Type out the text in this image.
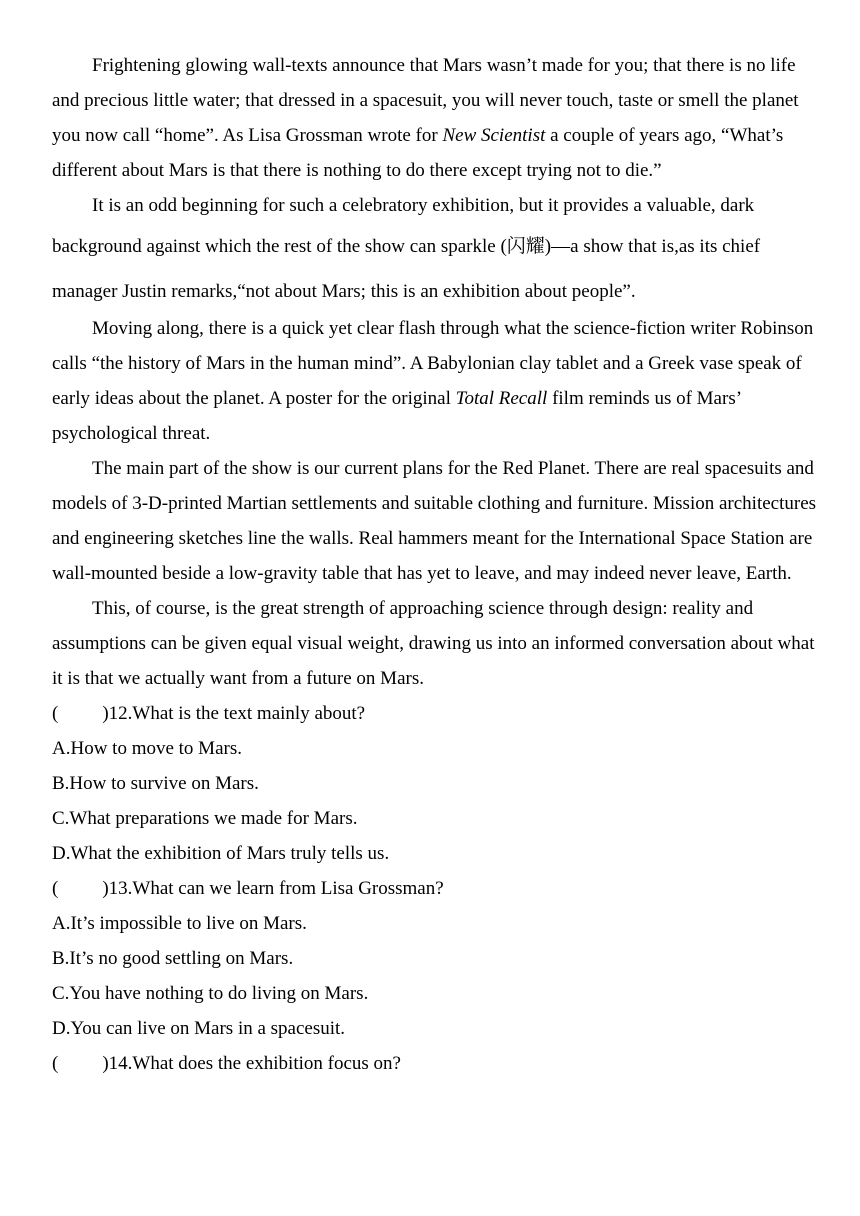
Frightening glowing wall-texts announce that Mars wasn’t made for you; that there is no life and precious little water; that dressed in a spacesuit, you will never touch, taste or smell the planet you now call “home”. As Lisa Grossman wrote for New Scientist a couple of years ago, “What’s different about Mars is that there is nothing to do there except trying not to die.”

It is an odd beginning for such a celebratory exhibition, but it provides a valuable, dark

background against which the rest of the show can sparkle (闪耀)—a show that is,as its chief

manager Justin remarks,“not about Mars; this is an exhibition about people”.

Moving along, there is a quick yet clear flash through what the science-fiction writer Robinson calls “the history of Mars in the human mind”. A Babylonian clay tablet and a Greek vase speak of early ideas about the planet. A poster for the original Total Recall film reminds us of Mars’ psychological threat.

The main part of the show is our current plans for the Red Planet. There are real spacesuits and models of 3-D-printed Martian settlements and suitable clothing and furniture. Mission architectures and engineering sketches line the walls. Real hammers meant for the International Space Station are wall-mounted beside a low-gravity table that has yet to leave, and may indeed never leave, Earth.

This, of course, is the great strength of approaching science through design: reality and assumptions can be given equal visual weight, drawing us into an informed conversation about what it is that we actually want from a future on Mars.

( )12.What is the text mainly about?

A.How to move to Mars.

B.How to survive on Mars.

C.What preparations we made for Mars.

D.What the exhibition of Mars truly tells us.

( )13.What can we learn from Lisa Grossman?

A.It’s impossible to live on Mars.

B.It’s no good settling on Mars.

C.You have nothing to do living on Mars.

D.You can live on Mars in a spacesuit.

( )14.What does the exhibition focus on?
